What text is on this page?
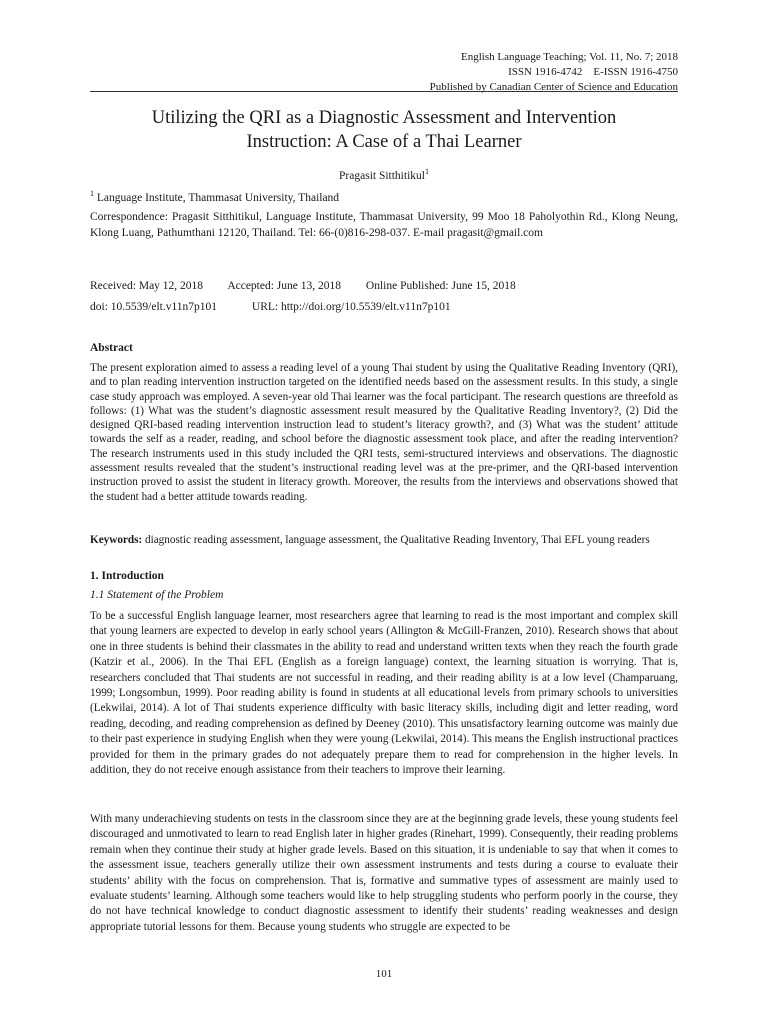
English Language Teaching; Vol. 11, No. 7; 2018
ISSN 1916-4742    E-ISSN 1916-4750
Published by Canadian Center of Science and Education
Utilizing the QRI as a Diagnostic Assessment and Intervention
Instruction: A Case of a Thai Learner
Pragasit Sitthitikul$^1$
$^1$ Language Institute, Thammasat University, Thailand
Correspondence: Pragasit Sitthitikul, Language Institute, Thammasat University, 99 Moo 18 Paholyothin Rd., Klong Neung, Klong Luang, Pathumthani 12120, Thailand. Tel: 66-(0)816-298-037. E-mail pragasit@gmail.com
Received: May 12, 2018 Accepted: June 13, 2018 Online Published: June 15, 2018
doi: 10.5539/elt.v11n7p101	URL: http://doi.org/10.5539/elt.v11n7p101
Abstract

The present exploration aimed to assess a reading level of a young Thai student by using the Qualitative Reading Inventory (QRI), and to plan reading intervention instruction targeted on the identified needs based on the assessment results. In this study, a single case study approach was employed. A seven-year old Thai learner was the focal participant. The research questions are threefold as follows: (1) What was the student’s diagnostic assessment result measured by the Qualitative Reading Inventory?, (2) Did the designed QRI-based reading intervention instruction lead to student’s literacy growth?, and (3) What was the student’ attitude towards the self as a reader, reading, and school before the diagnostic assessment took place, and after the reading intervention? The research instruments used in this study included the QRI tests, semi-structured interviews and observations. The diagnostic assessment results revealed that the student’s instructional reading level was at the pre-primer, and the QRI-based intervention instruction proved to assist the student in literacy growth. Moreover, the results from the interviews and observations showed that the student had a better attitude towards reading.

Keywords: diagnostic reading assessment, language assessment, the Qualitative Reading Inventory, Thai EFL young readers

1. Introduction
1.1 Statement of the Problem

To be a successful English language learner, most researchers agree that learning to read is the most important and complex skill that young learners are expected to develop in early school years (Allington & McGill-Franzen, 2010). Research shows that about one in three students is behind their classmates in the ability to read and understand written texts when they reach the fourth grade (Katzir et al., 2006). In the Thai EFL (English as a foreign language) context, the learning situation is worrying. That is, researchers concluded that Thai students are not successful in reading, and their reading ability is at a low level (Champaruang, 1999; Longsombun, 1999). Poor reading ability is found in students at all educational levels from primary schools to universities (Lekwilai, 2014). A lot of Thai students experience difficulty with basic literacy skills, including digit and letter reading, word reading, decoding, and reading comprehension as defined by Deeney (2010). This unsatisfactory learning outcome was mainly due to their past experience in studying English when they were young (Lekwilai, 2014). This means the English instructional practices provided for them in the primary grades do not adequately prepare them to read for comprehension in the higher levels. In addition, they do not receive enough assistance from their teachers to improve their learning.

With many underachieving students on tests in the classroom since they are at the beginning grade levels, these young students feel discouraged and unmotivated to learn to read English later in higher grades (Rinehart, 1999). Consequently, their reading problems remain when they continue their study at higher grade levels. Based on this situation, it is undeniable to say that when it comes to the assessment issue, teachers generally utilize their own assessment instruments and tests during a course to evaluate their students’ ability with the focus on comprehension. That is, formative and summative types of assessment are mainly used to evaluate students’ learning. Although some teachers would like to help struggling students who perform poorly in the course, they do not have technical knowledge to conduct diagnostic assessment to identify their students’ reading weaknesses and design appropriate tutorial lessons for them. Because young students who struggle are expected to be

101
